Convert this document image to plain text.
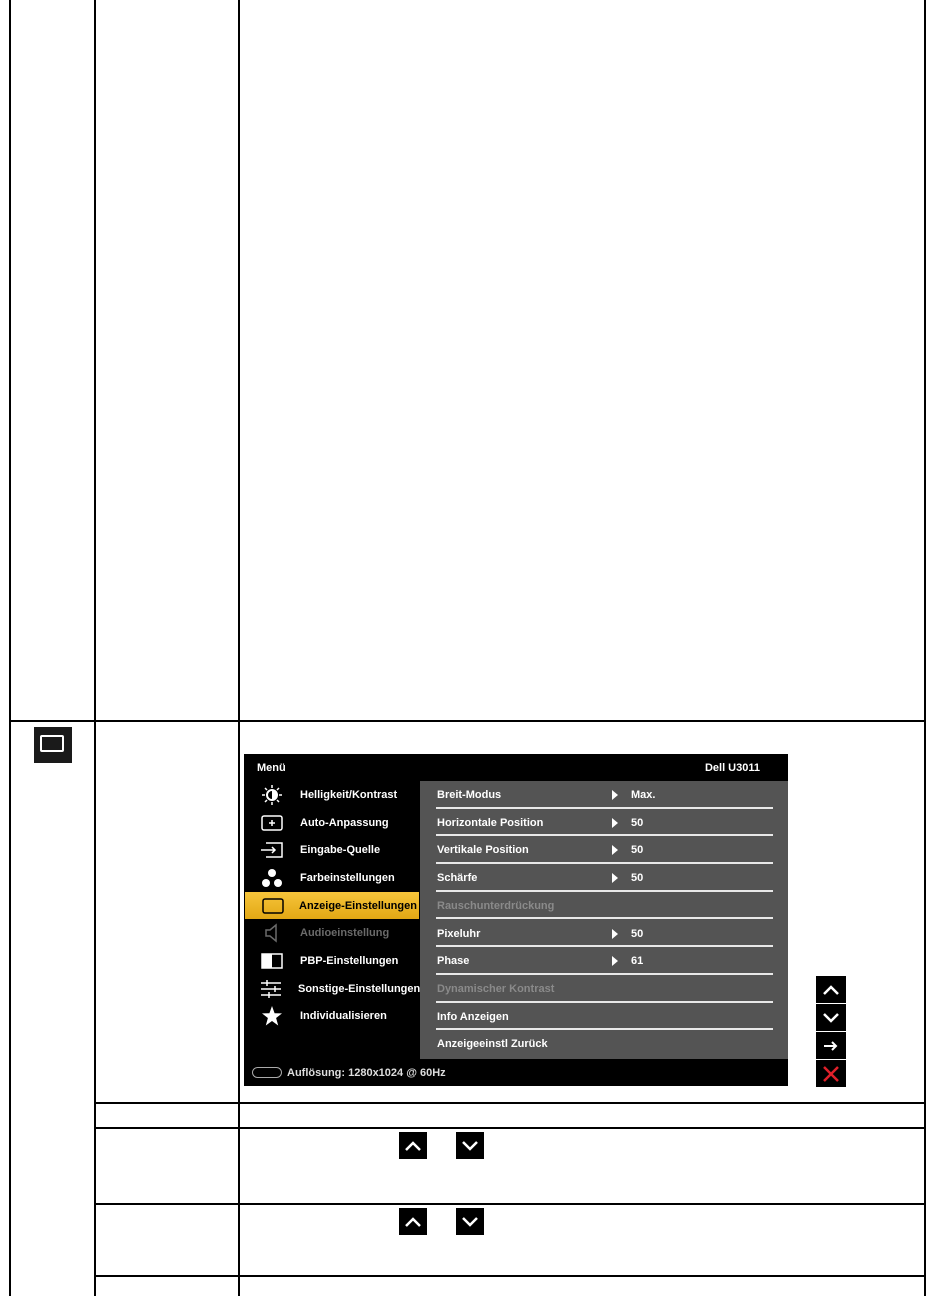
Menü	Dell U3011
Helligkeit/Kontrast
Auto-Anpassung
Eingabe-Quelle
Farbeinstellungen
Anzeige-Einstellungen
Audioeinstellung
PBP-Einstellungen
Sonstige-Einstellungen
Individualisieren
Breit-Modus	Max.
Horizontale Position	50
Vertikale Position	50
Schärfe	50
Rauschunterdrückung
Pixeluhr	50
Phase	61
Dynamischer Kontrast
Info Anzeigen
Anzeigeeinstl Zurück
Auflösung: 1280x1024 @ 60Hz
